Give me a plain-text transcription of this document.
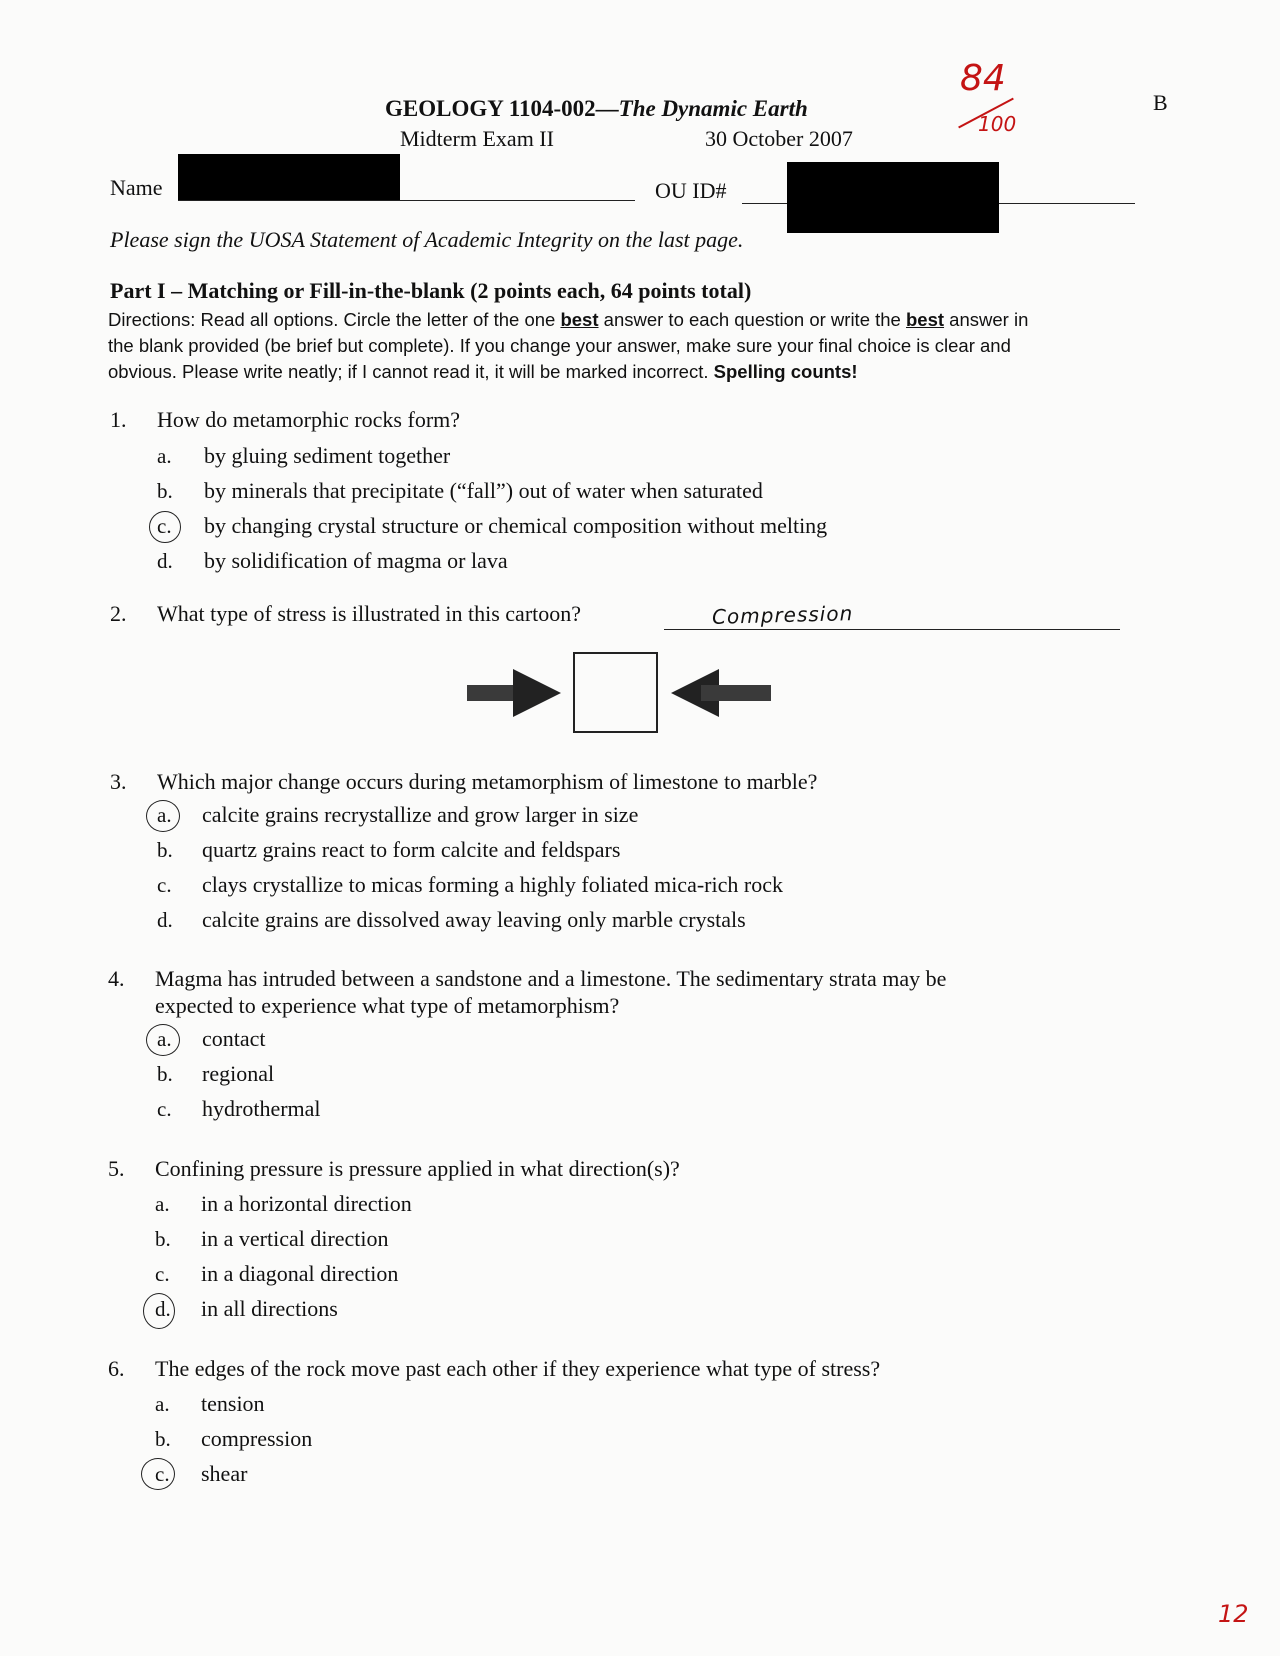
GEOLOGY 1104-002—The Dynamic Earth
Midterm Exam II	30 October 2007
B
84
100
Name	OU ID#
Please sign the UOSA Statement of Academic Integrity on the last page.
Part I – Matching or Fill-in-the-blank (2 points each, 64 points total)
Directions: Read all options. Circle the letter of the one best answer to each question or write the best answer in
the blank provided (be brief but complete). If you change your answer, make sure your final choice is clear and
obvious. Please write neatly; if I cannot read it, it will be marked incorrect. Spelling counts!
1. How do metamorphic rocks form?
a. by gluing sediment together
b. by minerals that precipitate (“fall”) out of water when saturated
c. by changing crystal structure or chemical composition without melting
d. by solidification of magma or lava
2. What type of stress is illustrated in this cartoon?	Compression
3. Which major change occurs during metamorphism of limestone to marble?
a. calcite grains recrystallize and grow larger in size
b. quartz grains react to form calcite and feldspars
c. clays crystallize to micas forming a highly foliated mica-rich rock
d. calcite grains are dissolved away leaving only marble crystals
4. Magma has intruded between a sandstone and a limestone. The sedimentary strata may be
expected to experience what type of metamorphism?
a. contact
b. regional
c. hydrothermal
5. Confining pressure is pressure applied in what direction(s)?
a. in a horizontal direction
b. in a vertical direction
c. in a diagonal direction
d. in all directions
6. The edges of the rock move past each other if they experience what type of stress?
a. tension
b. compression
c. shear
12
